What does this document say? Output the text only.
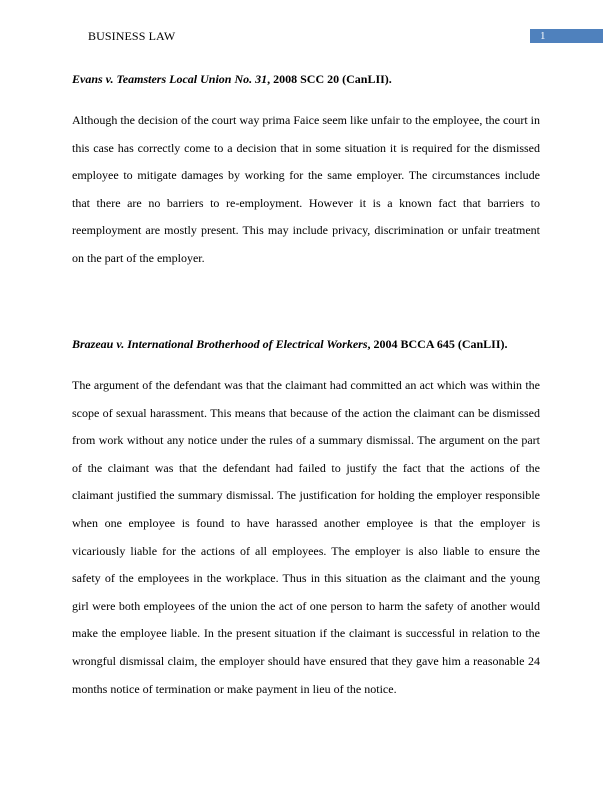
BUSINESS LAW	1

Evans v. Teamsters Local Union No. 31, 2008 SCC 20 (CanLII).

Although the decision of the court way prima Faice seem like unfair to the employee, the court in this case has correctly come to a decision that in some situation it is required for the dismissed employee to mitigate damages by working for the same employer. The circumstances include that there are no barriers to re-employment. However it is a known fact that barriers to reemployment are mostly present. This may include privacy, discrimination or unfair treatment on the part of the employer.

Brazeau v. International Brotherhood of Electrical Workers, 2004 BCCA 645 (CanLII).

The argument of the defendant was that the claimant had committed an act which was within the scope of sexual harassment. This means that because of the action the claimant can be dismissed from work without any notice under the rules of a summary dismissal. The argument on the part of the claimant was that the defendant had failed to justify the fact that the actions of the claimant justified the summary dismissal. The justification for holding the employer responsible when one employee is found to have harassed another employee is that the employer is vicariously liable for the actions of all employees. The employer is also liable to ensure the safety of the employees in the workplace. Thus in this situation as the claimant and the young girl were both employees of the union the act of one person to harm the safety of another would make the employee liable. In the present situation if the claimant is successful in relation to the wrongful dismissal claim, the employer should have ensured that they gave him a reasonable 24 months notice of termination or make payment in lieu of the notice.
